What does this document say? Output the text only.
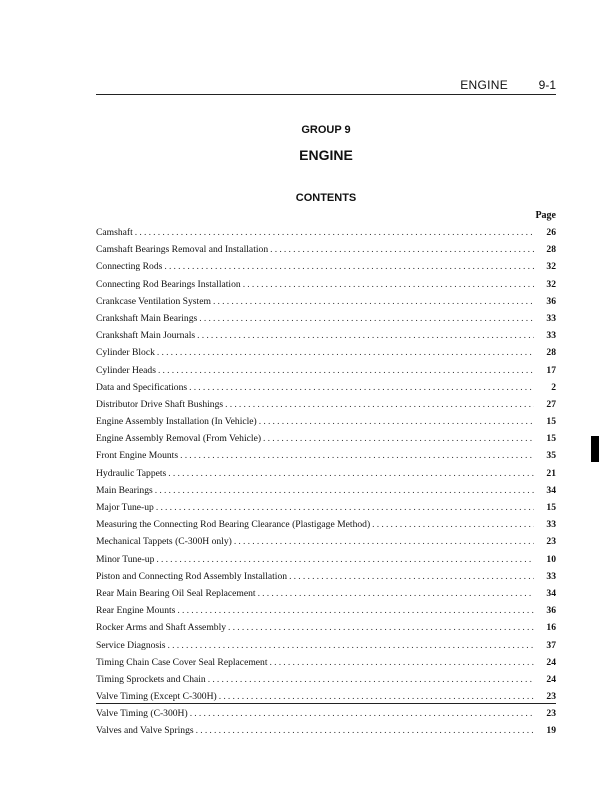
ENGINE	9-1
GROUP 9
ENGINE
CONTENTS
Page
Camshaft .....	26
Camshaft Bearings Removal and Installation .....	28
Connecting Rods .....	32
Connecting Rod Bearings Installation .....	32
Crankcase Ventilation System .....	36
Crankshaft Main Bearings .....	33
Crankshaft Main Journals .....	33
Cylinder Block .....	28
Cylinder Heads .....	17
Data and Specifications .....	2
Distributor Drive Shaft Bushings .....	27
Engine Assembly Installation (In Vehicle) .....	15
Engine Assembly Removal (From Vehicle) .....	15
Front Engine Mounts .....	35
Hydraulic Tappets .....	21
Main Bearings .....	34
Major Tune-up .....	15
Measuring the Connecting Rod Bearing Clearance (Plastigage Method) .....	33
Mechanical Tappets (C-300H only) .....	23
Minor Tune-up .....	10
Piston and Connecting Rod Assembly Installation .....	33
Rear Main Bearing Oil Seal Replacement .....	34
Rear Engine Mounts .....	36
Rocker Arms and Shaft Assembly .....	16
Service Diagnosis .....	37
Timing Chain Case Cover Seal Replacement .....	24
Timing Sprockets and Chain .....	24
Valve Timing (Except C-300H) .....	23
Valve Timing (C-300H) .....	23
Valves and Valve Springs .....	19
